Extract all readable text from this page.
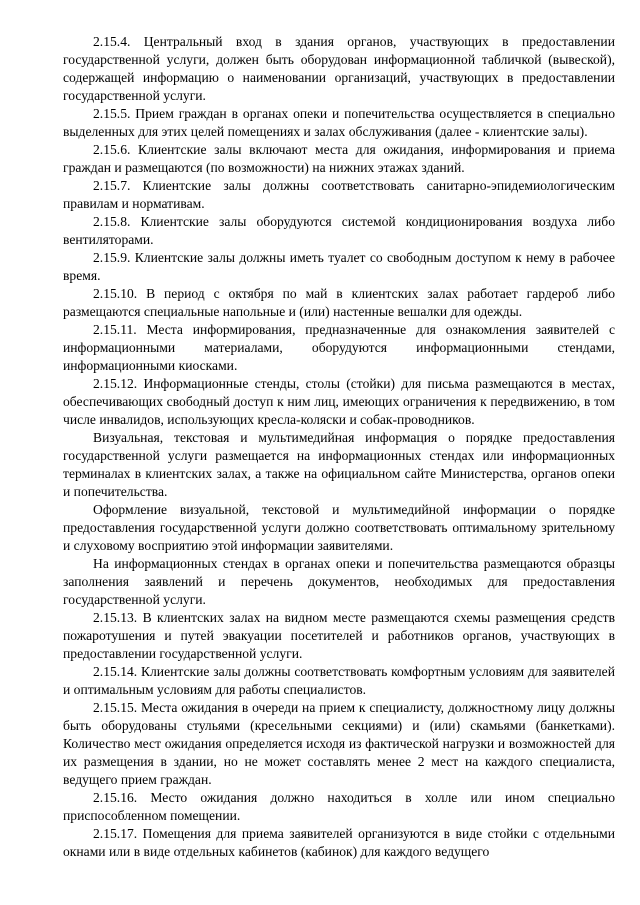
2.15.4. Центральный вход в здания органов, участвующих в предоставлении государственной услуги, должен быть оборудован информационной табличкой (вывеской), содержащей информацию о наименовании организаций, участвующих в предоставлении государственной услуги.

2.15.5. Прием граждан в органах опеки и попечительства осуществляется в специально выделенных для этих целей помещениях и залах обслуживания (далее - клиентские залы).

2.15.6. Клиентские залы включают места для ожидания, информирования и приема граждан и размещаются (по возможности) на нижних этажах зданий.

2.15.7. Клиентские залы должны соответствовать санитарно-эпидемиологическим правилам и нормативам.

2.15.8. Клиентские залы оборудуются системой кондиционирования воздуха либо вентиляторами.

2.15.9. Клиентские залы должны иметь туалет со свободным доступом к нему в рабочее время.

2.15.10. В период с октября по май в клиентских залах работает гардероб либо размещаются специальные напольные и (или) настенные вешалки для одежды.

2.15.11. Места информирования, предназначенные для ознакомления заявителей с информационными материалами, оборудуются информационными стендами, информационными киосками.

2.15.12. Информационные стенды, столы (стойки) для письма размещаются в местах, обеспечивающих свободный доступ к ним лиц, имеющих ограничения к передвижению, в том числе инвалидов, использующих кресла-коляски и собак-проводников.

Визуальная, текстовая и мультимедийная информация о порядке предоставления государственной услуги размещается на информационных стендах или информационных терминалах в клиентских залах, а также на официальном сайте Министерства, органов опеки и попечительства.

Оформление визуальной, текстовой и мультимедийной информации о порядке предоставления государственной услуги должно соответствовать оптимальному зрительному и слуховому восприятию этой информации заявителями.

На информационных стендах в органах опеки и попечительства размещаются образцы заполнения заявлений и перечень документов, необходимых для предоставления государственной услуги.

2.15.13. В клиентских залах на видном месте размещаются схемы размещения средств пожаротушения и путей эвакуации посетителей и работников органов, участвующих в предоставлении государственной услуги.

2.15.14. Клиентские залы должны соответствовать комфортным условиям для заявителей и оптимальным условиям для работы специалистов.

2.15.15. Места ожидания в очереди на прием к специалисту, должностному лицу должны быть оборудованы стульями (кресельными секциями) и (или) скамьями (банкетками). Количество мест ожидания определяется исходя из фактической нагрузки и возможностей для их размещения в здании, но не может составлять менее 2 мест на каждого специалиста, ведущего прием граждан.

2.15.16. Место ожидания должно находиться в холле или ином специально приспособленном помещении.

2.15.17. Помещения для приема заявителей организуются в виде стойки с отдельными окнами или в виде отдельных кабинетов (кабинок) для каждого ведущего
